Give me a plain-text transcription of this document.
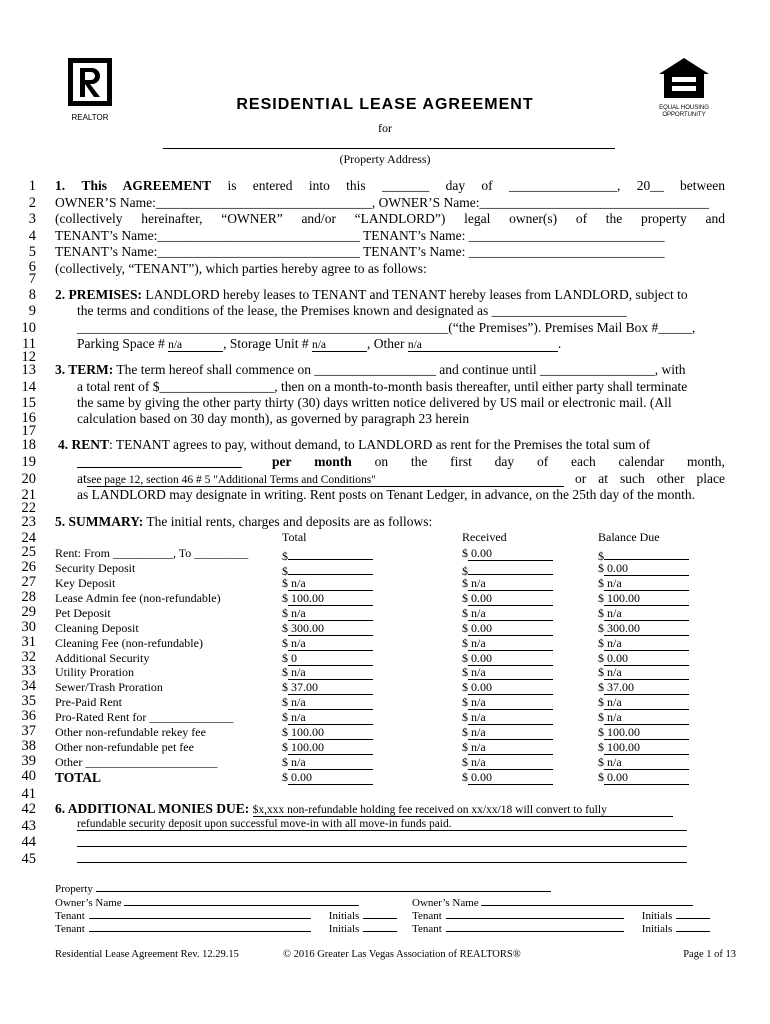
REALTOR
EQUAL HOUSING
OPPORTUNITY
RESIDENTIAL LEASE AGREEMENT
for
(Property Address)
1
2
3
4
5
6
7
8
9
10
11
12
13
14
15
16
17
18
19
20
21
22
23
24
25
26
27
28
29
30
31
32
33
34
35
36
37
38
39
40
41
42
43
44
45
1. This AGREEMENT is entered into this _______ day of ________________, 20__ between
OWNER’S Name:________________________________, OWNER’S Name:__________________________________
(collectively hereinafter, “OWNER” and/or “LANDLORD”) legal owner(s) of the property and
TENANT’s Name:______________________________ TENANT’s Name: _____________________________
TENANT’s Name:______________________________ TENANT’s Name: _____________________________
(collectively, “TENANT”), which parties hereby agree to as follows:
2. PREMISES: LANDLORD hereby leases to TENANT and TENANT hereby leases from LANDLORD, subject to
the terms and conditions of the lease, the Premises known and designated as ____________________
_______________________________________________________(“the Premises”). Premises Mail Box #_____,
Parking Space # n/a	, Storage Unit # n/a	, Other n/a	.
3. TERM: The term hereof shall commence on __________________ and continue until _________________, with
a total rent of $_________________, then on a month-to-month basis thereafter, until either party shall terminate
the same by giving the other party thirty (30) days written notice delivered by US mail or electronic mail. (All
calculation based on 30 day month), as governed by paragraph 23 herein
4. RENT: TENANT agrees to pay, without demand, to LANDLORD as rent for the Premises the total sum of
per month on the first day of each calendar month,
atsee page 12, section 46 # 5 "Additional Terms and Conditions"	or at such other place
as LANDLORD may designate in writing. Rent posts on Tenant Ledger, in advance, on the 25th day of the month.
5. SUMMARY: The initial rents, charges and deposits are as follows:
Total	Received	Balance Due
Rent: From __________, To _________	$	$ 0.00	$
Security Deposit	$	$	$ 0.00
Key Deposit	$ n/a	$ n/a	$ n/a
Lease Admin fee (non-refundable)	$ 100.00	$ 0.00	$ 100.00
Pet Deposit	$ n/a	$ n/a	$ n/a
Cleaning Deposit	$ 300.00	$ 0.00	$ 300.00
Cleaning Fee (non-refundable)	$ n/a	$ n/a	$ n/a
Additional Security	$ 0	$ 0.00	$ 0.00
Utility Proration	$ n/a	$ n/a	$ n/a
Sewer/Trash Proration	$ 37.00	$ 0.00	$ 37.00
Pre-Paid Rent	$ n/a	$ n/a	$ n/a
Pro-Rated Rent for ______________	$ n/a	$ n/a	$ n/a
Other non-refundable rekey fee	$ 100.00	$ n/a	$ 100.00
Other non-refundable pet fee	$ 100.00	$ n/a	$ 100.00
Other ______________________	$ n/a	$ n/a	$ n/a
TOTAL	$ 0.00	$ 0.00	$ 0.00
6. ADDITIONAL MONIES DUE: $x,xxx non-refundable holding fee received on xx/xx/18 will convert to fully
refundable security deposit upon successful move-in with all move-in funds paid.
Property
Owner’s Name	Owner’s Name
Tenant	Initials	Tenant	Initials
Tenant	Initials	Tenant	Initials
Residential Lease Agreement Rev. 12.29.15	© 2016 Greater Las Vegas Association of REALTORS®	Page 1 of 13
